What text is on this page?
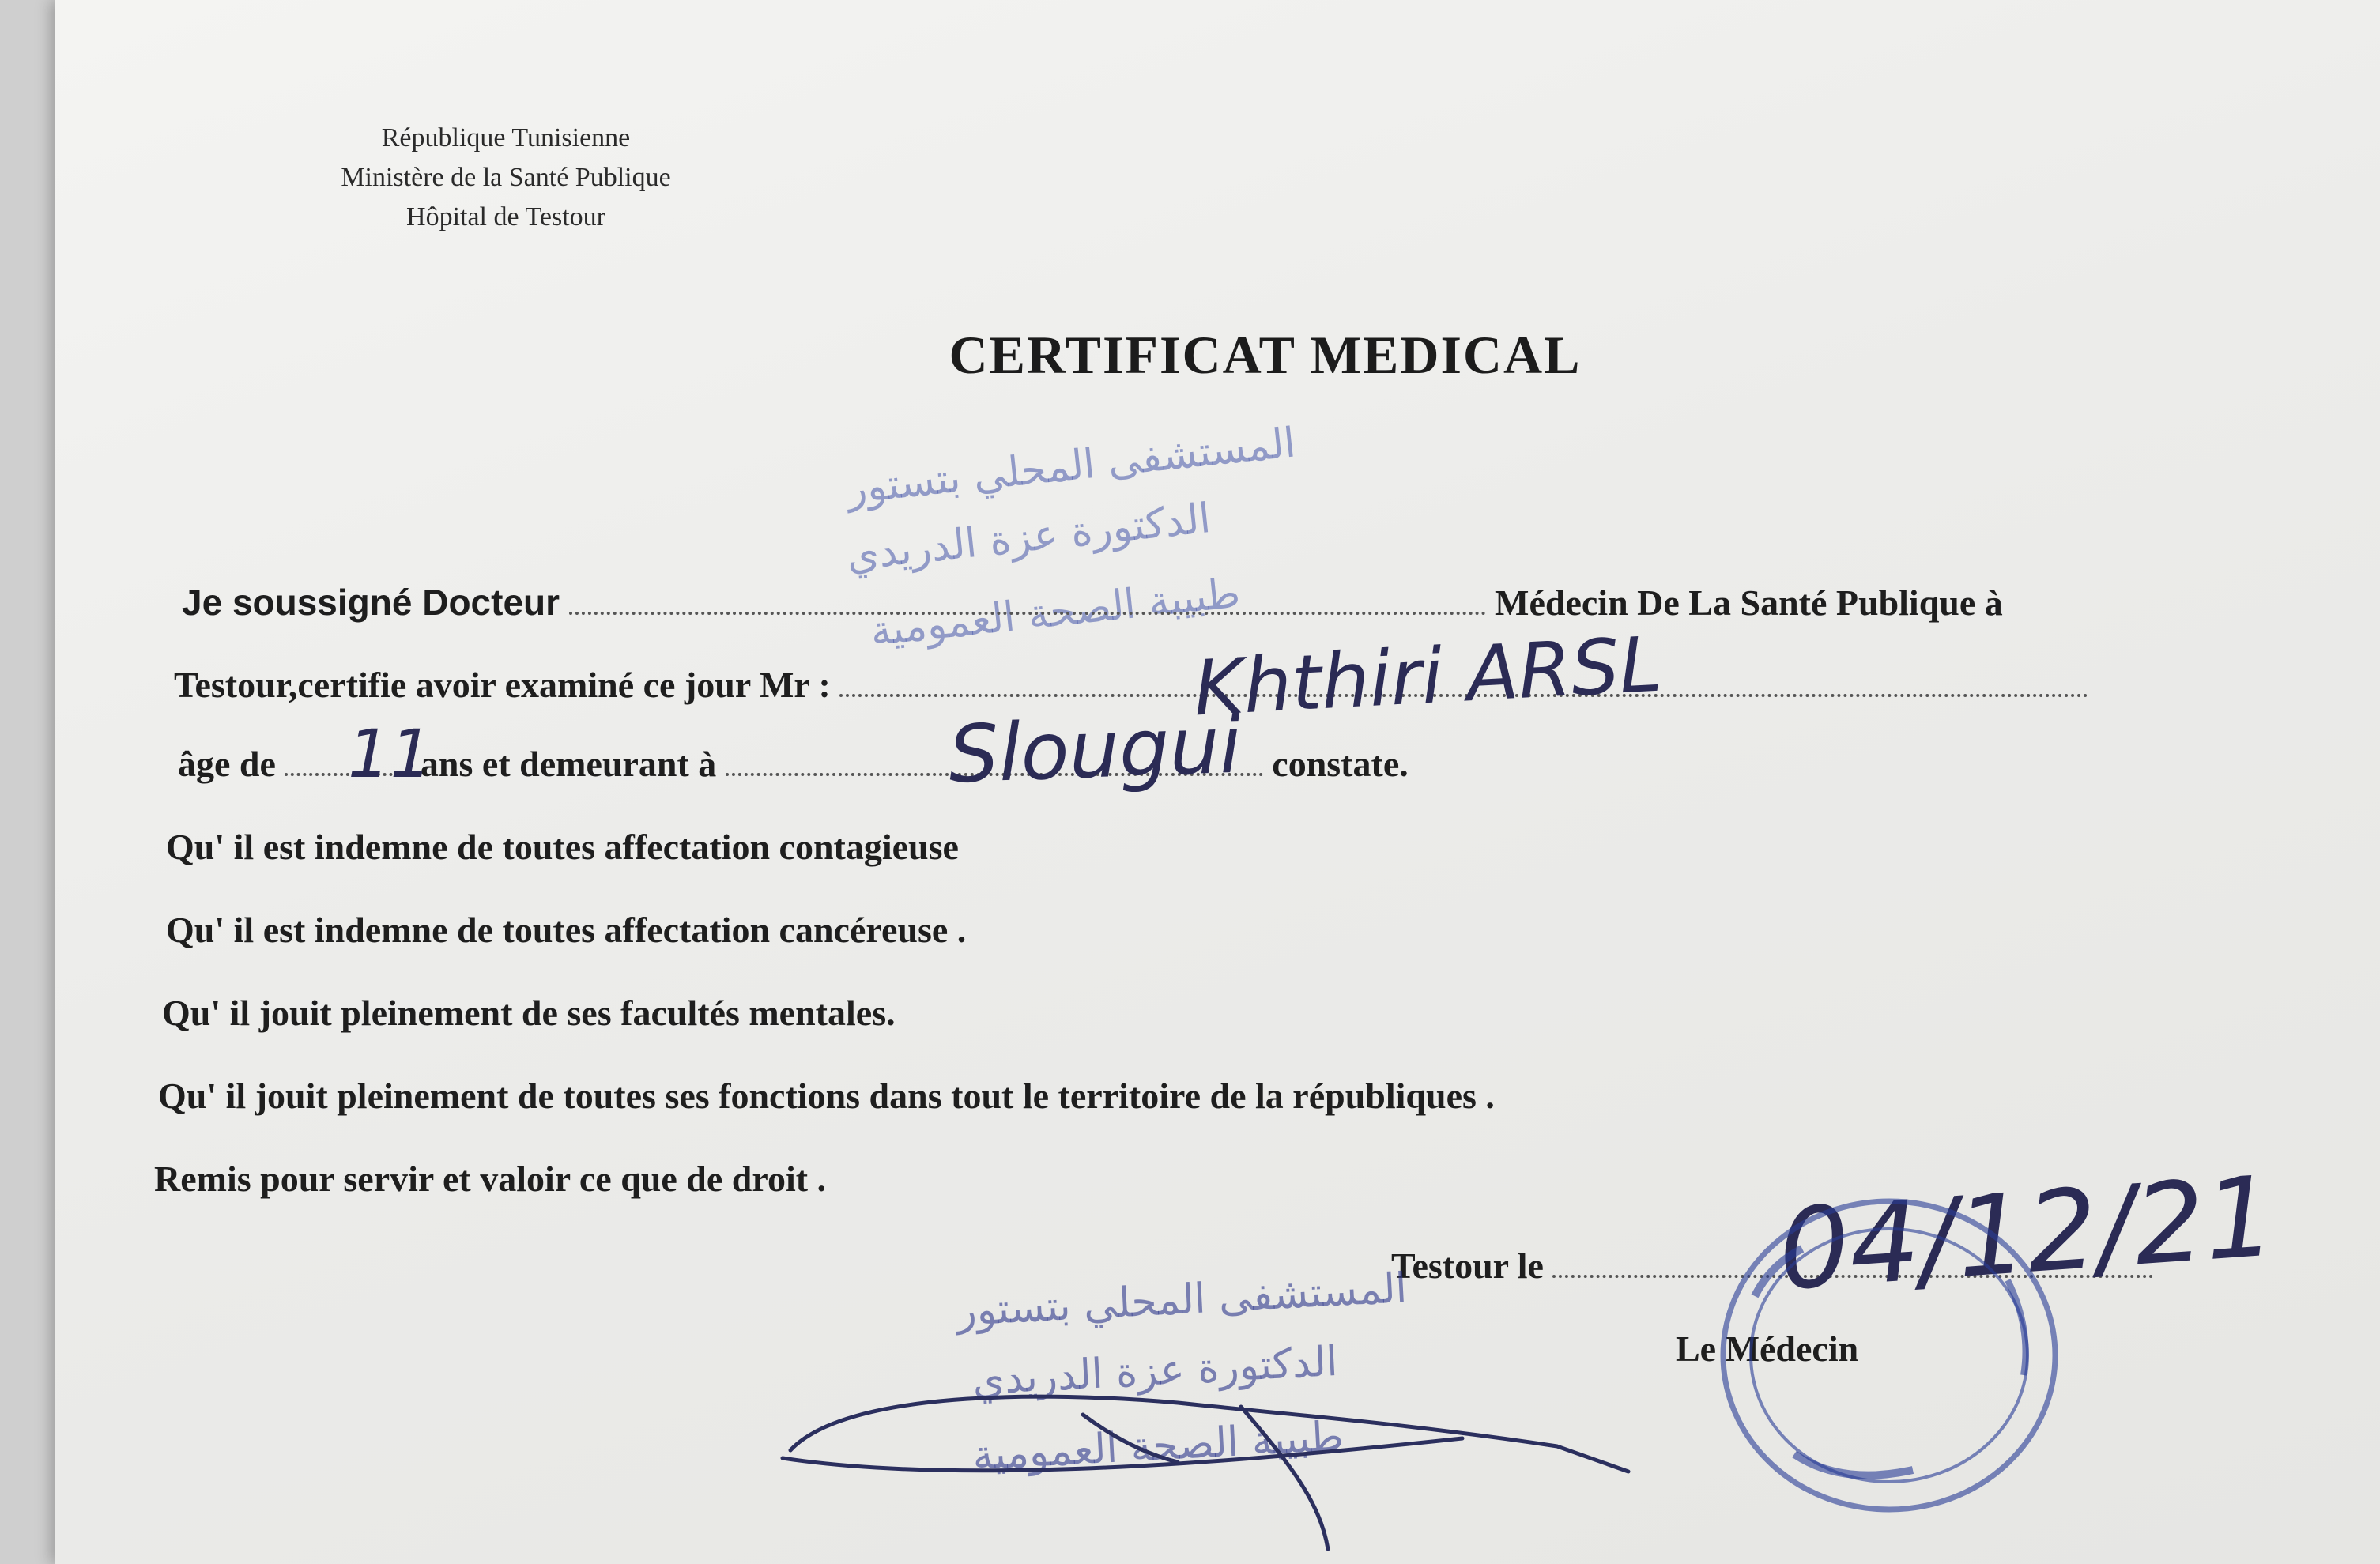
République Tunisienne
Ministère de la Santé Publique
Hôpital de Testour
CERTIFICAT MEDICAL
المستشفى المحلي بتستور
الدكتورة عزة الدريدي
طبيبة الصحة العمومية
Je soussigné Docteur	Médecin De La Santé Publique à
Testour,certifie avoir examiné ce jour Mr :	Khthiri ARSL
âge de	ans et demeurant à	constate.
11	Slougui
Qu' il est indemne de toutes affectation contagieuse
Qu' il est indemne de toutes affectation cancéreuse .
Qu' il jouit pleinement de ses facultés mentales.
Qu' il jouit pleinement de toutes ses fonctions dans tout le territoire de la républiques .
Remis pour servir et valoir ce que de droit .
Testour le	04/12/21
Le Médecin
المستشفى المحلي بتستور
الدكتورة عزة الدريدي
طبيبة الصحة العمومية
